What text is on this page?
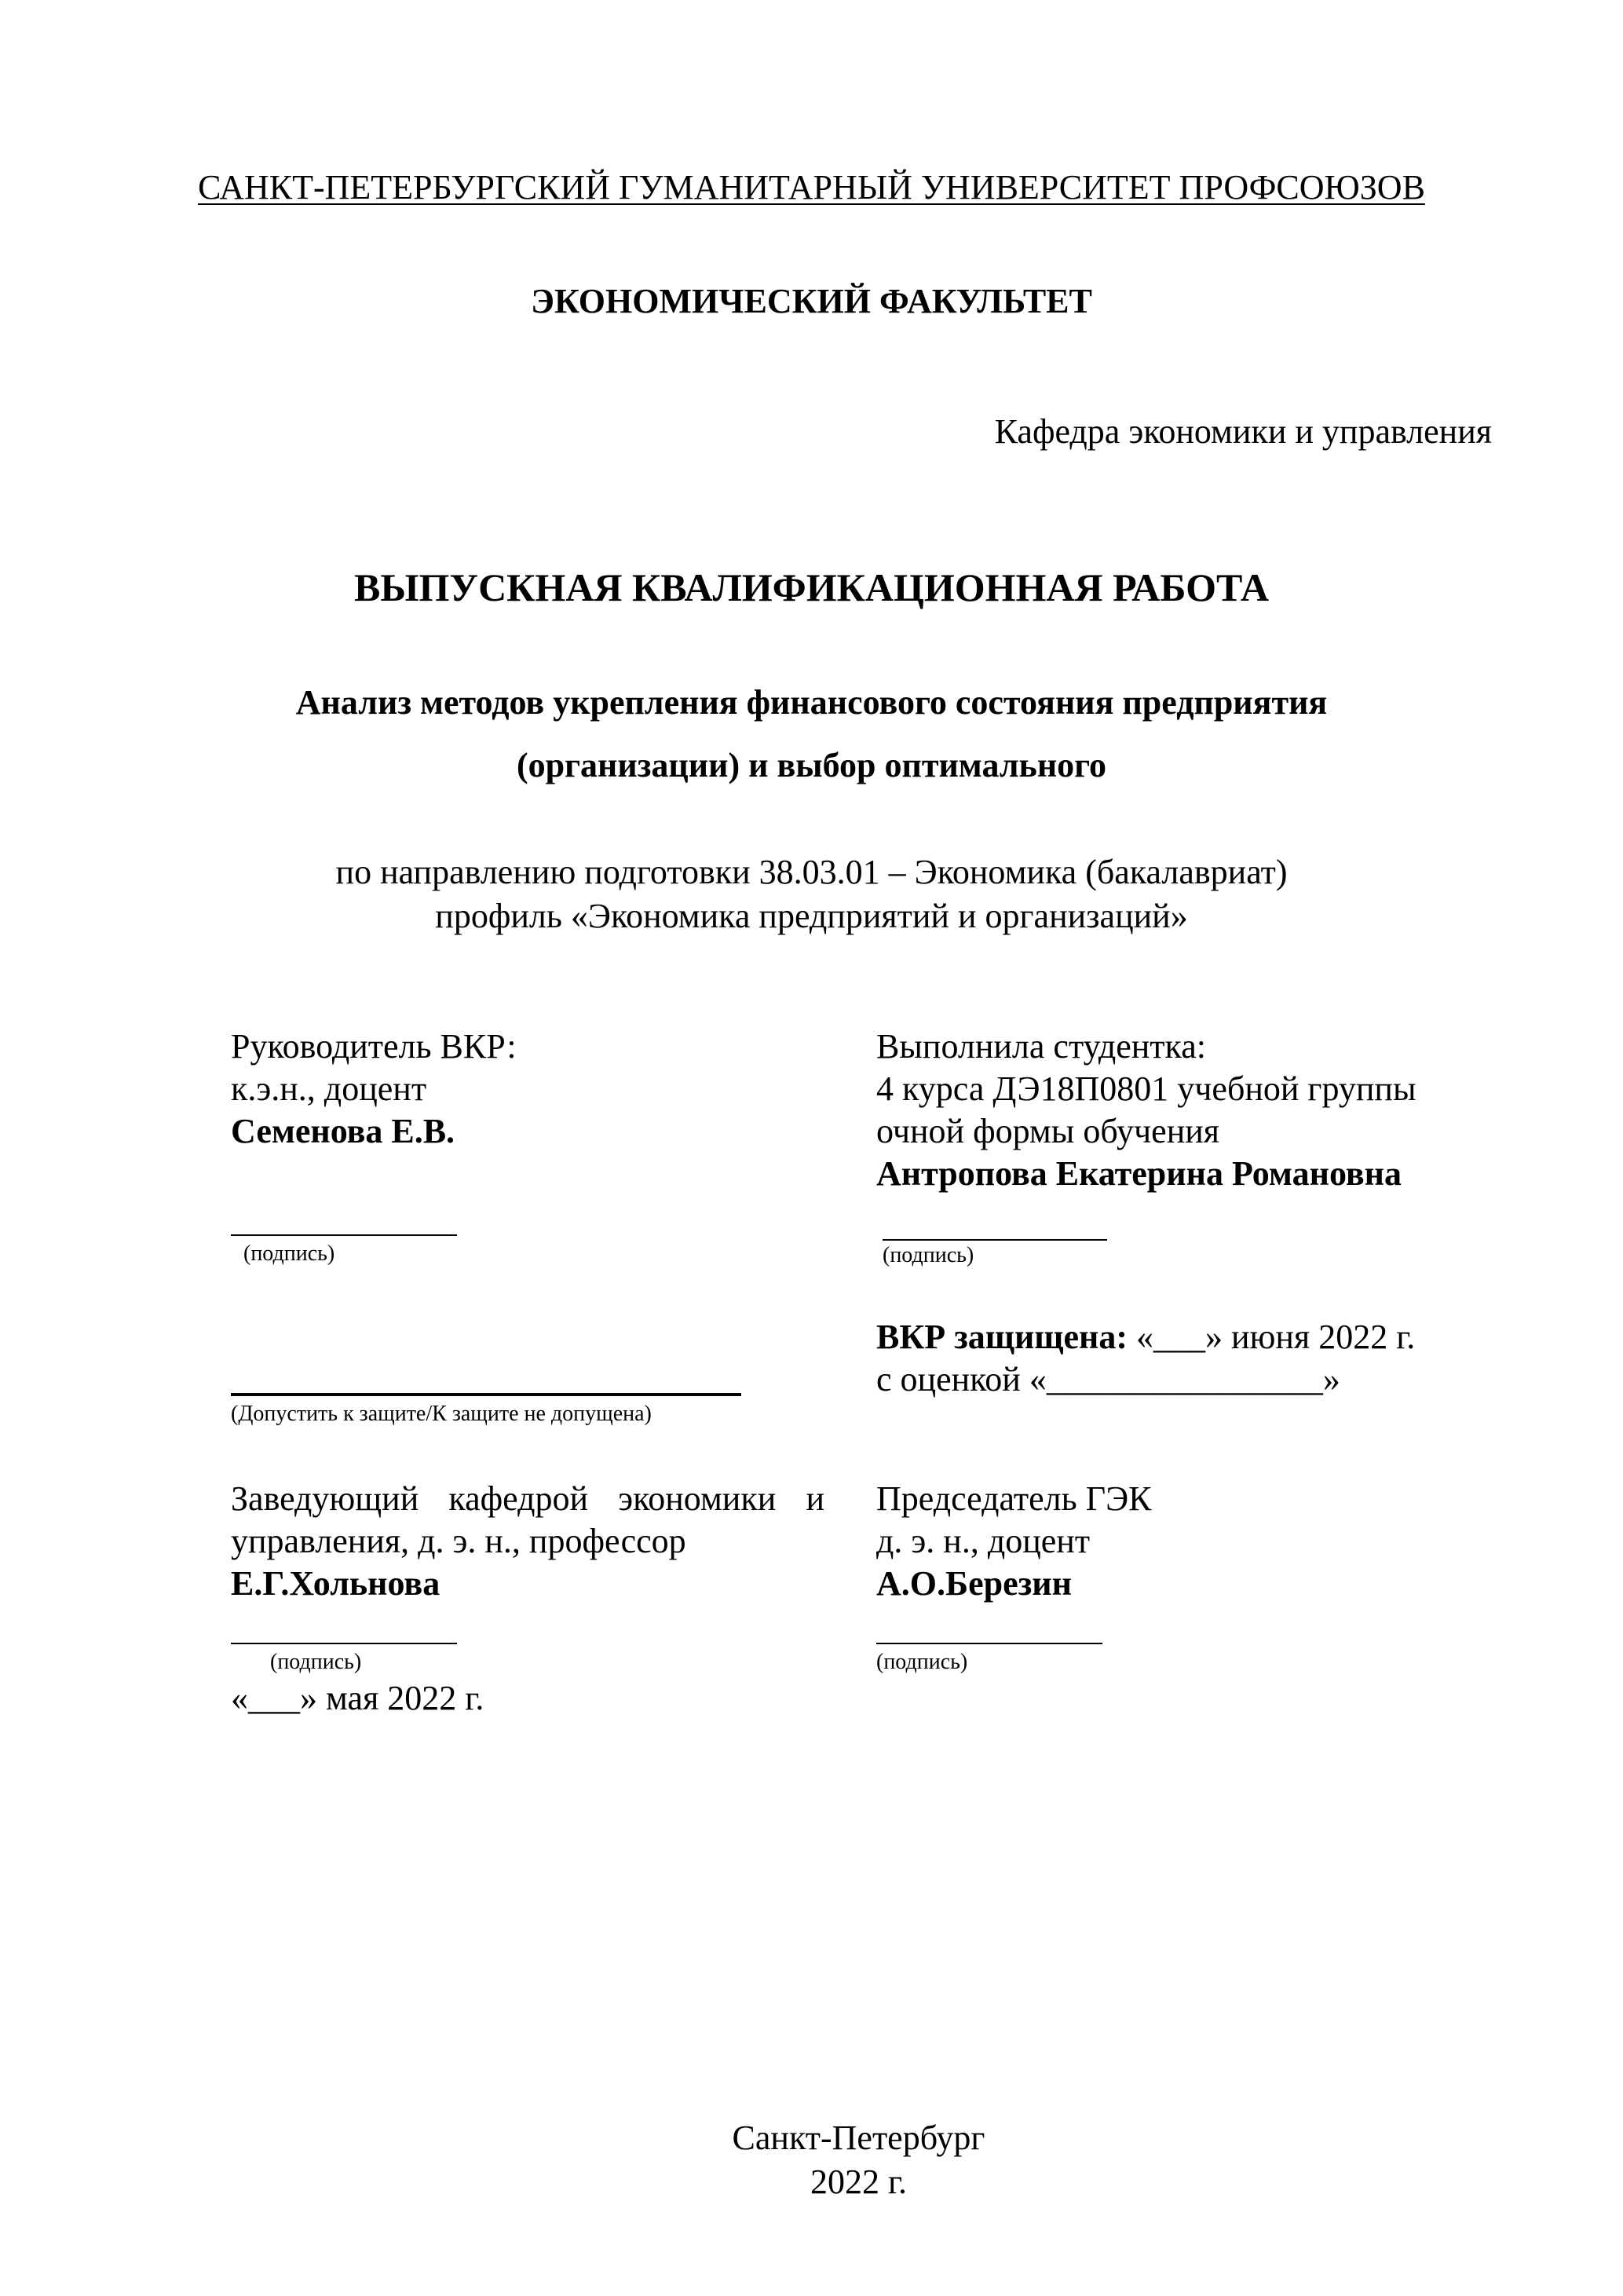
САНКТ-ПЕТЕРБУРГСКИЙ ГУМАНИТАРНЫЙ УНИВЕРСИТЕТ ПРОФСОЮЗОВ
ЭКОНОМИЧЕСКИЙ ФАКУЛЬТЕТ
Кафедра экономики и управления
ВЫПУСКНАЯ КВАЛИФИКАЦИОННАЯ РАБОТА
Анализ методов укрепления финансового состояния предприятия
(организации) и выбор оптимального
по направлению подготовки 38.03.01 – Экономика (бакалавриат)
профиль «Экономика предприятий и организаций»
Руководитель ВКР:
к.э.н., доцент
Семенова Е.В.
(подпись)
Выполнила студентка:
4 курса ДЭ18П0801 учебной группы
очной формы обучения
Антропова Екатерина Романовна
(подпись)
(Допустить к защите/К защите не допущена)
ВКР защищена: «___» июня 2022 г.
с оценкой «________________»
Заведующий кафедрой экономики и
управления, д. э. н., профессор
Е.Г.Хольнова
(подпись)
«___» мая 2022 г.
Председатель ГЭК
д. э. н., доцент
А.О.Березин
(подпись)
Санкт-Петербург
2022 г.
